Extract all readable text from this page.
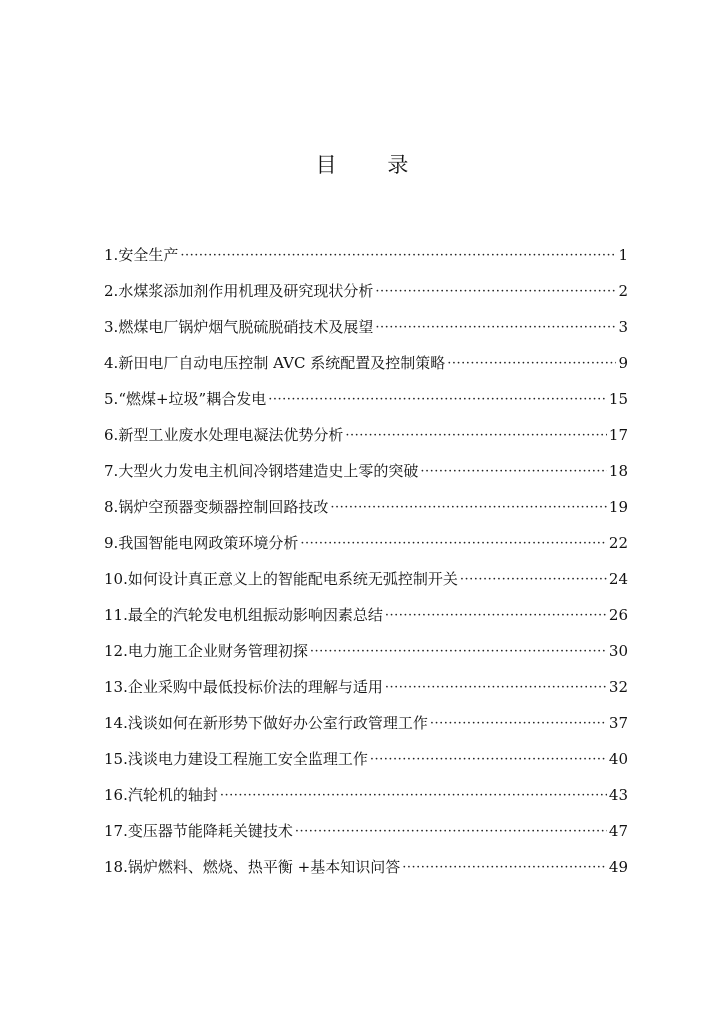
目 录
1. 安全生产 ·····	1
2. 水煤浆添加剂作用机理及研究现状分析 ·····	2
3. 燃煤电厂锅炉烟气脱硫脱硝技术及展望 ·····	3
4. 新田电厂自动电压控制 AVC 系统配置及控制策略 ·····	9
5. “燃煤+垃圾”耦合发电 ·····	15
6. 新型工业废水处理电凝法优势分析 ·····	17
7. 大型火力发电主机间冷钢塔建造史上零的突破 ·····	18
8. 锅炉空预器变频器控制回路技改 ·····	19
9. 我国智能电网政策环境分析 ·····	22
10. 如何设计真正意义上的智能配电系统无弧控制开关 ·····	24
11. 最全的汽轮发电机组振动影响因素总结 ·····	26
12. 电力施工企业财务管理初探 ·····	30
13. 企业采购中最低投标价法的理解与适用 ·····	32
14. 浅谈如何在新形势下做好办公室行政管理工作 ·····	37
15. 浅谈电力建设工程施工安全监理工作 ·····	40
16. 汽轮机的轴封 ·····	43
17. 变压器节能降耗关键技术 ·····	47
18. 锅炉燃料、燃烧、热平衡 +基本知识问答 ·····	49
